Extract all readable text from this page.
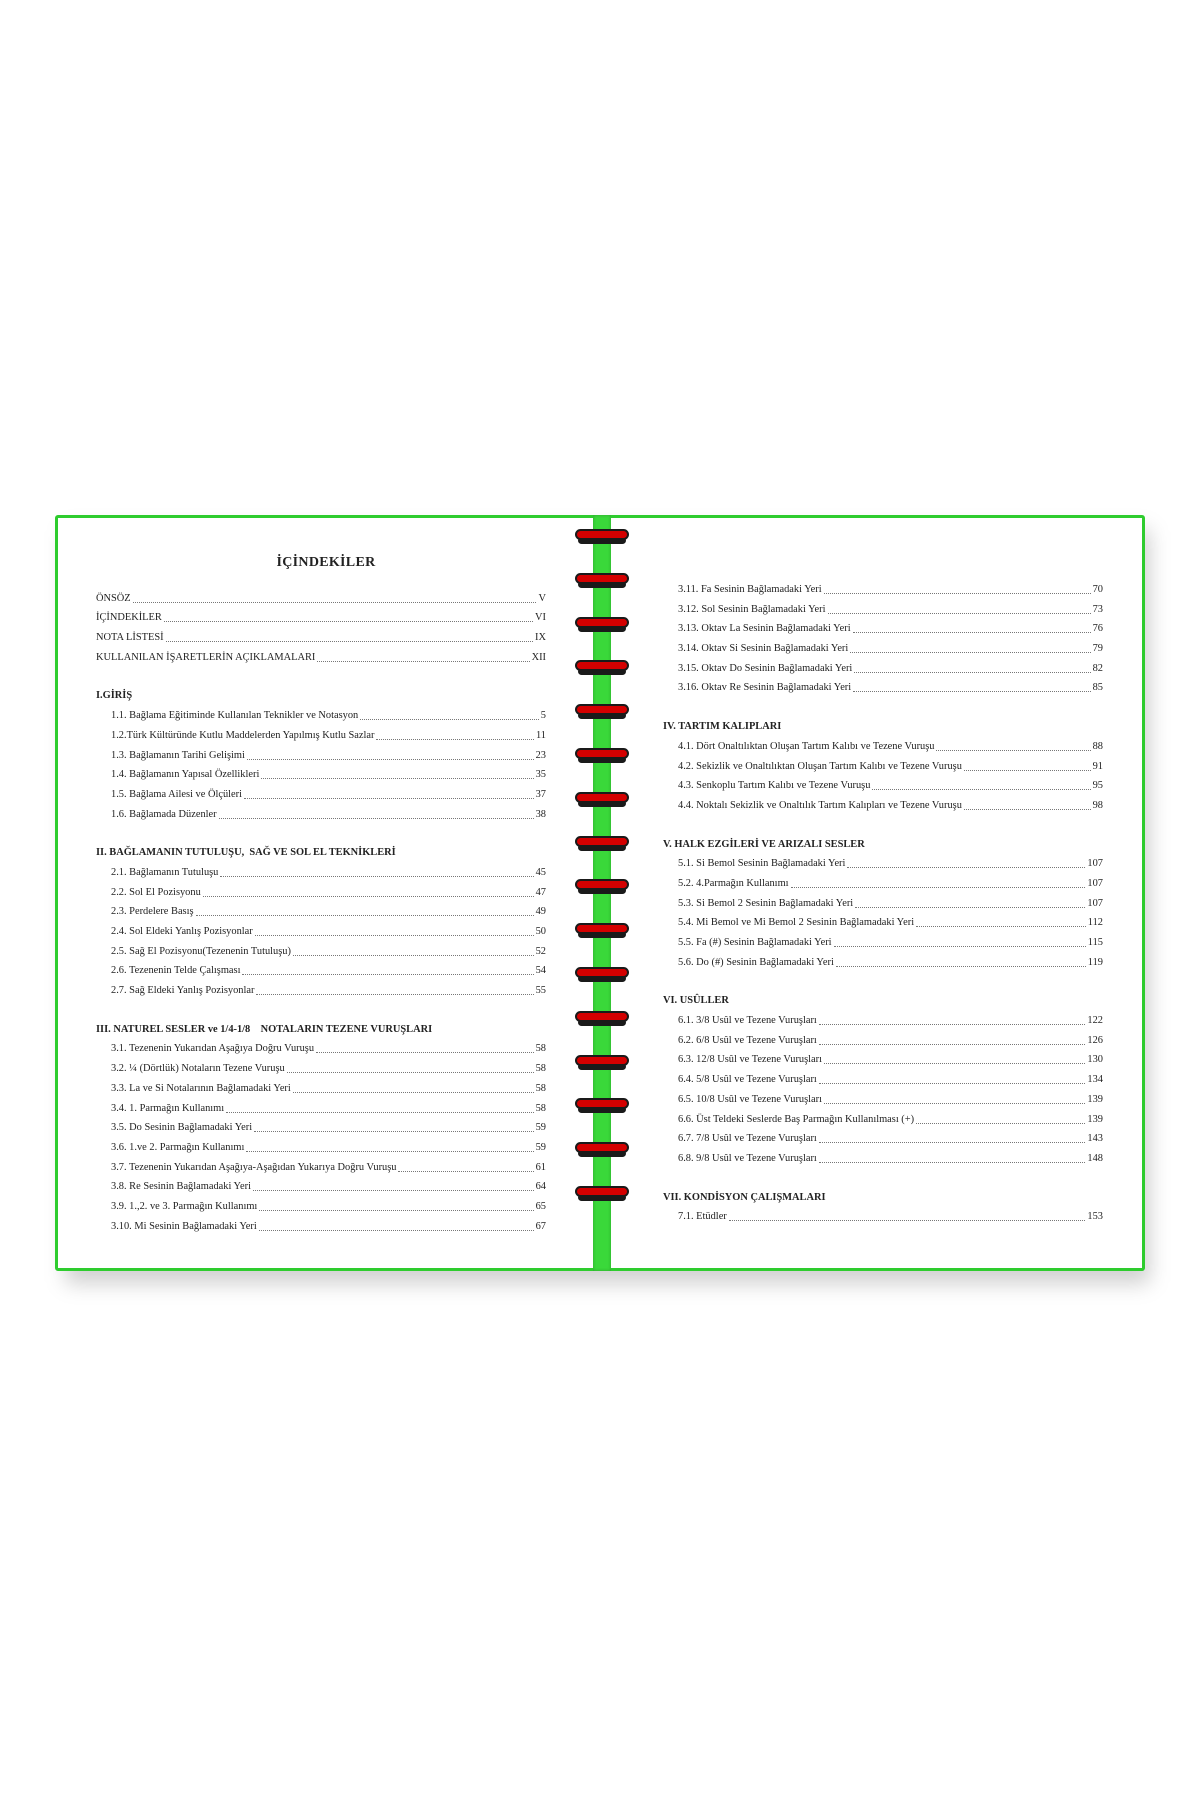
İÇİNDEKİLER
ÖNSÖZ	V
İÇİNDEKİLER	VI
NOTA LİSTESİ	IX
KULLANILAN İŞARETLERİN AÇIKLAMALARI	XII
I.GİRİŞ
1.1. Bağlama Eğitiminde Kullanılan Teknikler ve Notasyon	5
1.2.Türk Kültüründe Kutlu Maddelerden Yapılmış Kutlu Sazlar	11
1.3. Bağlamanın Tarihi Gelişimi	23
1.4. Bağlamanın Yapısal Özellikleri	35
1.5. Bağlama Ailesi ve Ölçüleri	37
1.6. Bağlamada Düzenler	38
II. BAĞLAMANIN TUTULUŞU,  SAĞ VE SOL EL TEKNİKLERİ
2.1. Bağlamanın Tutuluşu	45
2.2. Sol El Pozisyonu	47
2.3. Perdelere Basış	49
2.4. Sol Eldeki Yanlış Pozisyonlar	50
2.5. Sağ El Pozisyonu(Tezenenin Tutuluşu)	52
2.6. Tezenenin Telde Çalışması	54
2.7. Sağ Eldeki Yanlış Pozisyonlar	55
III. NATUREL SESLER ve 1/4-1/8    NOTALARIN TEZENE VURUŞLARI
3.1. Tezenenin Yukarıdan Aşağıya Doğru Vuruşu	58
3.2. ¼ (Dörtlük) Notaların Tezene Vuruşu	58
3.3. La ve Si Notalarının Bağlamadaki Yeri	58
3.4. 1. Parmağın Kullanımı	58
3.5. Do Sesinin Bağlamadaki Yeri	59
3.6. 1.ve 2. Parmağın Kullanımı	59
3.7. Tezenenin Yukarıdan Aşağıya-Aşağıdan Yukarıya Doğru Vuruşu	61
3.8. Re Sesinin Bağlamadaki Yeri	64
3.9. 1.,2. ve 3. Parmağın Kullanımı	65
3.10. Mi Sesinin Bağlamadaki Yeri	67
3.11. Fa Sesinin Bağlamadaki Yeri	70
3.12. Sol Sesinin Bağlamadaki Yeri	73
3.13. Oktav La Sesinin Bağlamadaki Yeri	76
3.14. Oktav Si Sesinin Bağlamadaki Yeri	79
3.15. Oktav Do Sesinin Bağlamadaki Yeri	82
3.16. Oktav Re Sesinin Bağlamadaki Yeri	85
IV. TARTIM KALIPLARI
4.1. Dört Onaltılıktan Oluşan Tartım Kalıbı ve Tezene Vuruşu	88
4.2. Sekizlik ve Onaltılıktan Oluşan Tartım Kalıbı ve Tezene Vuruşu	91
4.3. Senkoplu Tartım Kalıbı ve Tezene Vuruşu	95
4.4. Noktalı Sekizlik ve Onaltılık Tartım Kalıpları ve Tezene Vuruşu	98
V. HALK EZGİLERİ VE ARIZALI SESLER
5.1. Si Bemol Sesinin Bağlamadaki Yeri	107
5.2. 4.Parmağın Kullanımı	107
5.3. Si Bemol 2 Sesinin Bağlamadaki Yeri	107
5.4. Mi Bemol ve Mi Bemol 2 Sesinin Bağlamadaki Yeri	112
5.5. Fa (#) Sesinin Bağlamadaki Yeri	115
5.6. Do (#) Sesinin Bağlamadaki Yeri	119
VI. USÛLLER
6.1. 3/8 Usûl ve Tezene Vuruşları	122
6.2. 6/8 Usûl ve Tezene Vuruşları	126
6.3. 12/8 Usûl ve Tezene Vuruşları	130
6.4. 5/8 Usûl ve Tezene Vuruşları	134
6.5. 10/8 Usûl ve Tezene Vuruşları	139
6.6. Üst Teldeki Seslerde Baş Parmağın Kullanılması (+)	139
6.7. 7/8 Usûl ve Tezene Vuruşları	143
6.8. 9/8 Usûl ve Tezene Vuruşları	148
VII. KONDİSYON ÇALIŞMALARI
7.1. Etüdler	153
